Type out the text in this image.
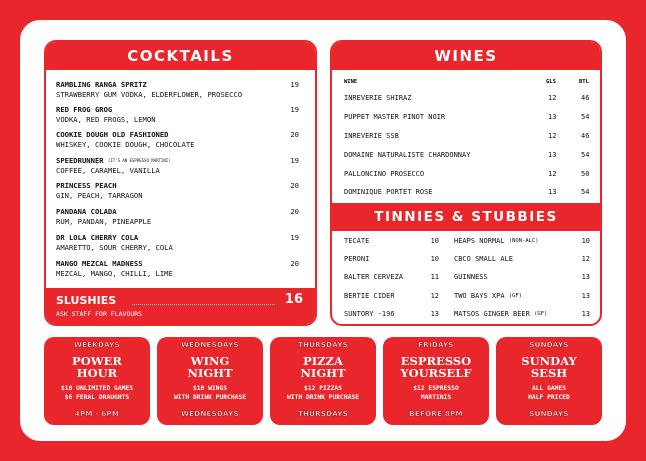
COCKTAILS
RAMBLING RANGA SPRITZ
STRAWBERRY GUM VODKA, ELDERFLOWER, PROSECCO
19
RED FROG GROG
VODKA, RED FROGS, LEMON
19
COOKIE DOUGH OLD FASHIONED
WHISKEY, COOKIE DOUGH, CHOCOLATE
20
SPEEDRUNNER (IT'S AN ESPRESSO MARTINI)
COFFEE, CARAMEL, VANILLA
19
PRINCESS PEACH
GIN, PEACH, TARRAGON
20
PANDANA COLADA
RUM, PANDAN, PINEAPPLE
20
DR LOLA CHERRY COLA
AMARETTO, SOUR CHERRY, COLA
19
MANGO MEZCAL MADNESS
MEZCAL, MANGO, CHILLI, LIME
20
SLUSHIES	16
ASK STAFF FOR FLAVOURS
WINES
WINE	GLS	BTL
INREVERIE SHIRAZ	12	46
PUPPET MASTER PINOT NOIR	13	54
INREVERIE SSB	12	46
DOMAINE NATURALISTE CHARDONNAY	13	54
PALLONCINO PROSECCO	12	50
DOMINIQUE PORTET ROSE	13	54
TINNIES & STUBBIES
TECATE	10
PERONI	10
BALTER CERVEZA	11
BERTIE CIDER	12
SUNTORY -196	13
HEAPS NORMAL (NON-ALC)	10
CBCO SMALL ALE	12
GUINNESS	13
TWO BAYS XPA (GF)	13
MATSOS GINGER BEER (GF)	13
WEEKDAYS
POWER
HOUR
$10 UNLIMITED GAMES
$6 FERAL DRAUGHTS
4PM - 6PM
WEDNESDAYS
WING
NIGHT
$10 WINGS
WITH DRINK PURCHASE
WEDNESDAYS
THURSDAYS
PIZZA
NIGHT
$12 PIZZAS
WITH DRINK PURCHASE
THURSDAYS
FRIDAYS
ESPRESSO
YOURSELF
$12 ESPRESSO
MARTINIS
BEFORE 8PM
SUNDAYS
SUNDAY
SESH
ALL GAMES
HALF PRICED
SUNDAYS
